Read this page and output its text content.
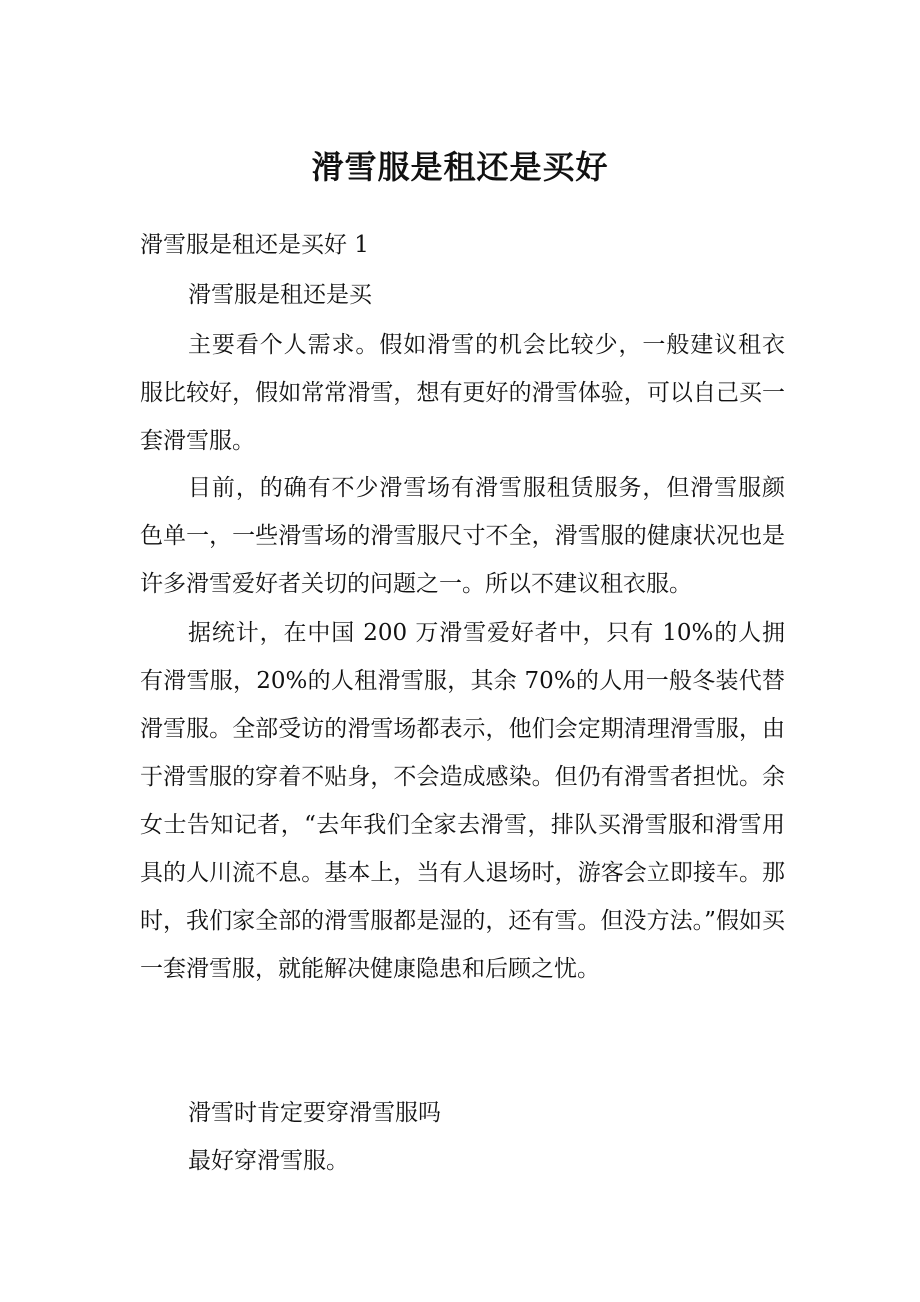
滑雪服是租还是买好

滑雪服是租还是买好 1

滑雪服是租还是买

主要看个人需求。假如滑雪的机会比较少，一般建议租衣服比较好，假如常常滑雪，想有更好的滑雪体验，可以自己买一套滑雪服。

目前，的确有不少滑雪场有滑雪服租赁服务，但滑雪服颜色单一，一些滑雪场的滑雪服尺寸不全，滑雪服的健康状况也是许多滑雪爱好者关切的问题之一。所以不建议租衣服。

据统计，在中国 200 万滑雪爱好者中，只有 10%的人拥有滑雪服，20%的人租滑雪服，其余 70%的人用一般冬装代替滑雪服。全部受访的滑雪场都表示，他们会定期清理滑雪服，由于滑雪服的穿着不贴身，不会造成感染。但仍有滑雪者担忧。余女士告知记者，“去年我们全家去滑雪，排队买滑雪服和滑雪用具的人川流不息。基本上，当有人退场时，游客会立即接车。那时，我们家全部的滑雪服都是湿的，还有雪。但没方法。”假如买一套滑雪服，就能解决健康隐患和后顾之忧。

滑雪时肯定要穿滑雪服吗

最好穿滑雪服。
